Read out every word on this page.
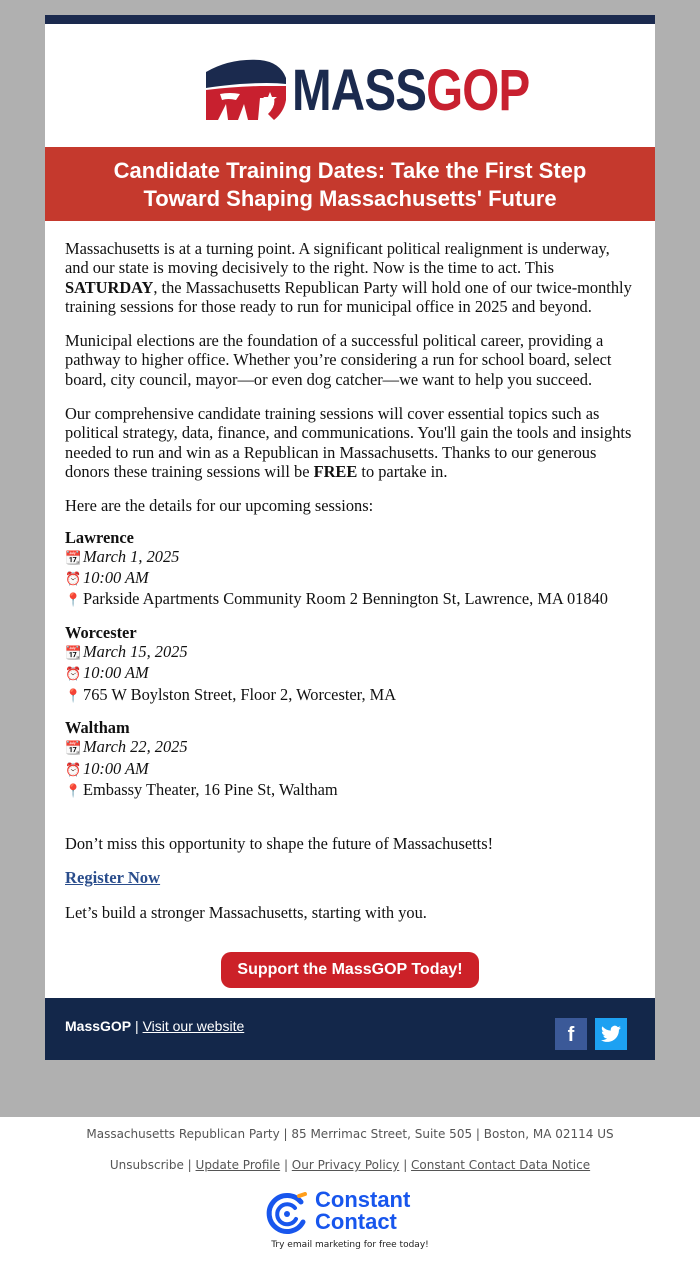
MASSGOP
Candidate Training Dates: Take the First Step
Toward Shaping Massachusetts' Future

Massachusetts is at a turning point. A significant political realignment is underway, and our state is moving decisively to the right. Now is the time to act. This SATURDAY, the Massachusetts Republican Party will hold one of our twice-monthly training sessions for those ready to run for municipal office in 2025 and beyond.

Municipal elections are the foundation of a successful political career, providing a pathway to higher office. Whether you’re considering a run for school board, select board, city council, mayor—or even dog catcher—we want to help you succeed.

Our comprehensive candidate training sessions will cover essential topics such as political strategy, data, finance, and communications. You'll gain the tools and insights needed to run and win as a Republican in Massachusetts. Thanks to our generous donors these training sessions will be FREE to partake in.

Here are the details for our upcoming sessions:

Lawrence
📆 March 1, 2025
⏰ 10:00 AM
📍 Parkside Apartments Community Room 2 Bennington St, Lawrence, MA 01840
Worcester
📆 March 15, 2025
⏰ 10:00 AM
📍 765 W Boylston Street, Floor 2, Worcester, MA
Waltham
📆 March 22, 2025
⏰ 10:00 AM
📍 Embassy Theater, 16 Pine St, Waltham

Don’t miss this opportunity to shape the future of Massachusetts!

Register Now

Let’s build a stronger Massachusetts, starting with you.

Support the MassGOP Today!
MassGOP | Visit our website	f
Massachusetts Republican Party | 85 Merrimac Street, Suite 505 | Boston, MA 02114 US
Unsubscribe | Update Profile | Our Privacy Policy | Constant Contact Data Notice
Constant
Contact
Try email marketing for free today!
